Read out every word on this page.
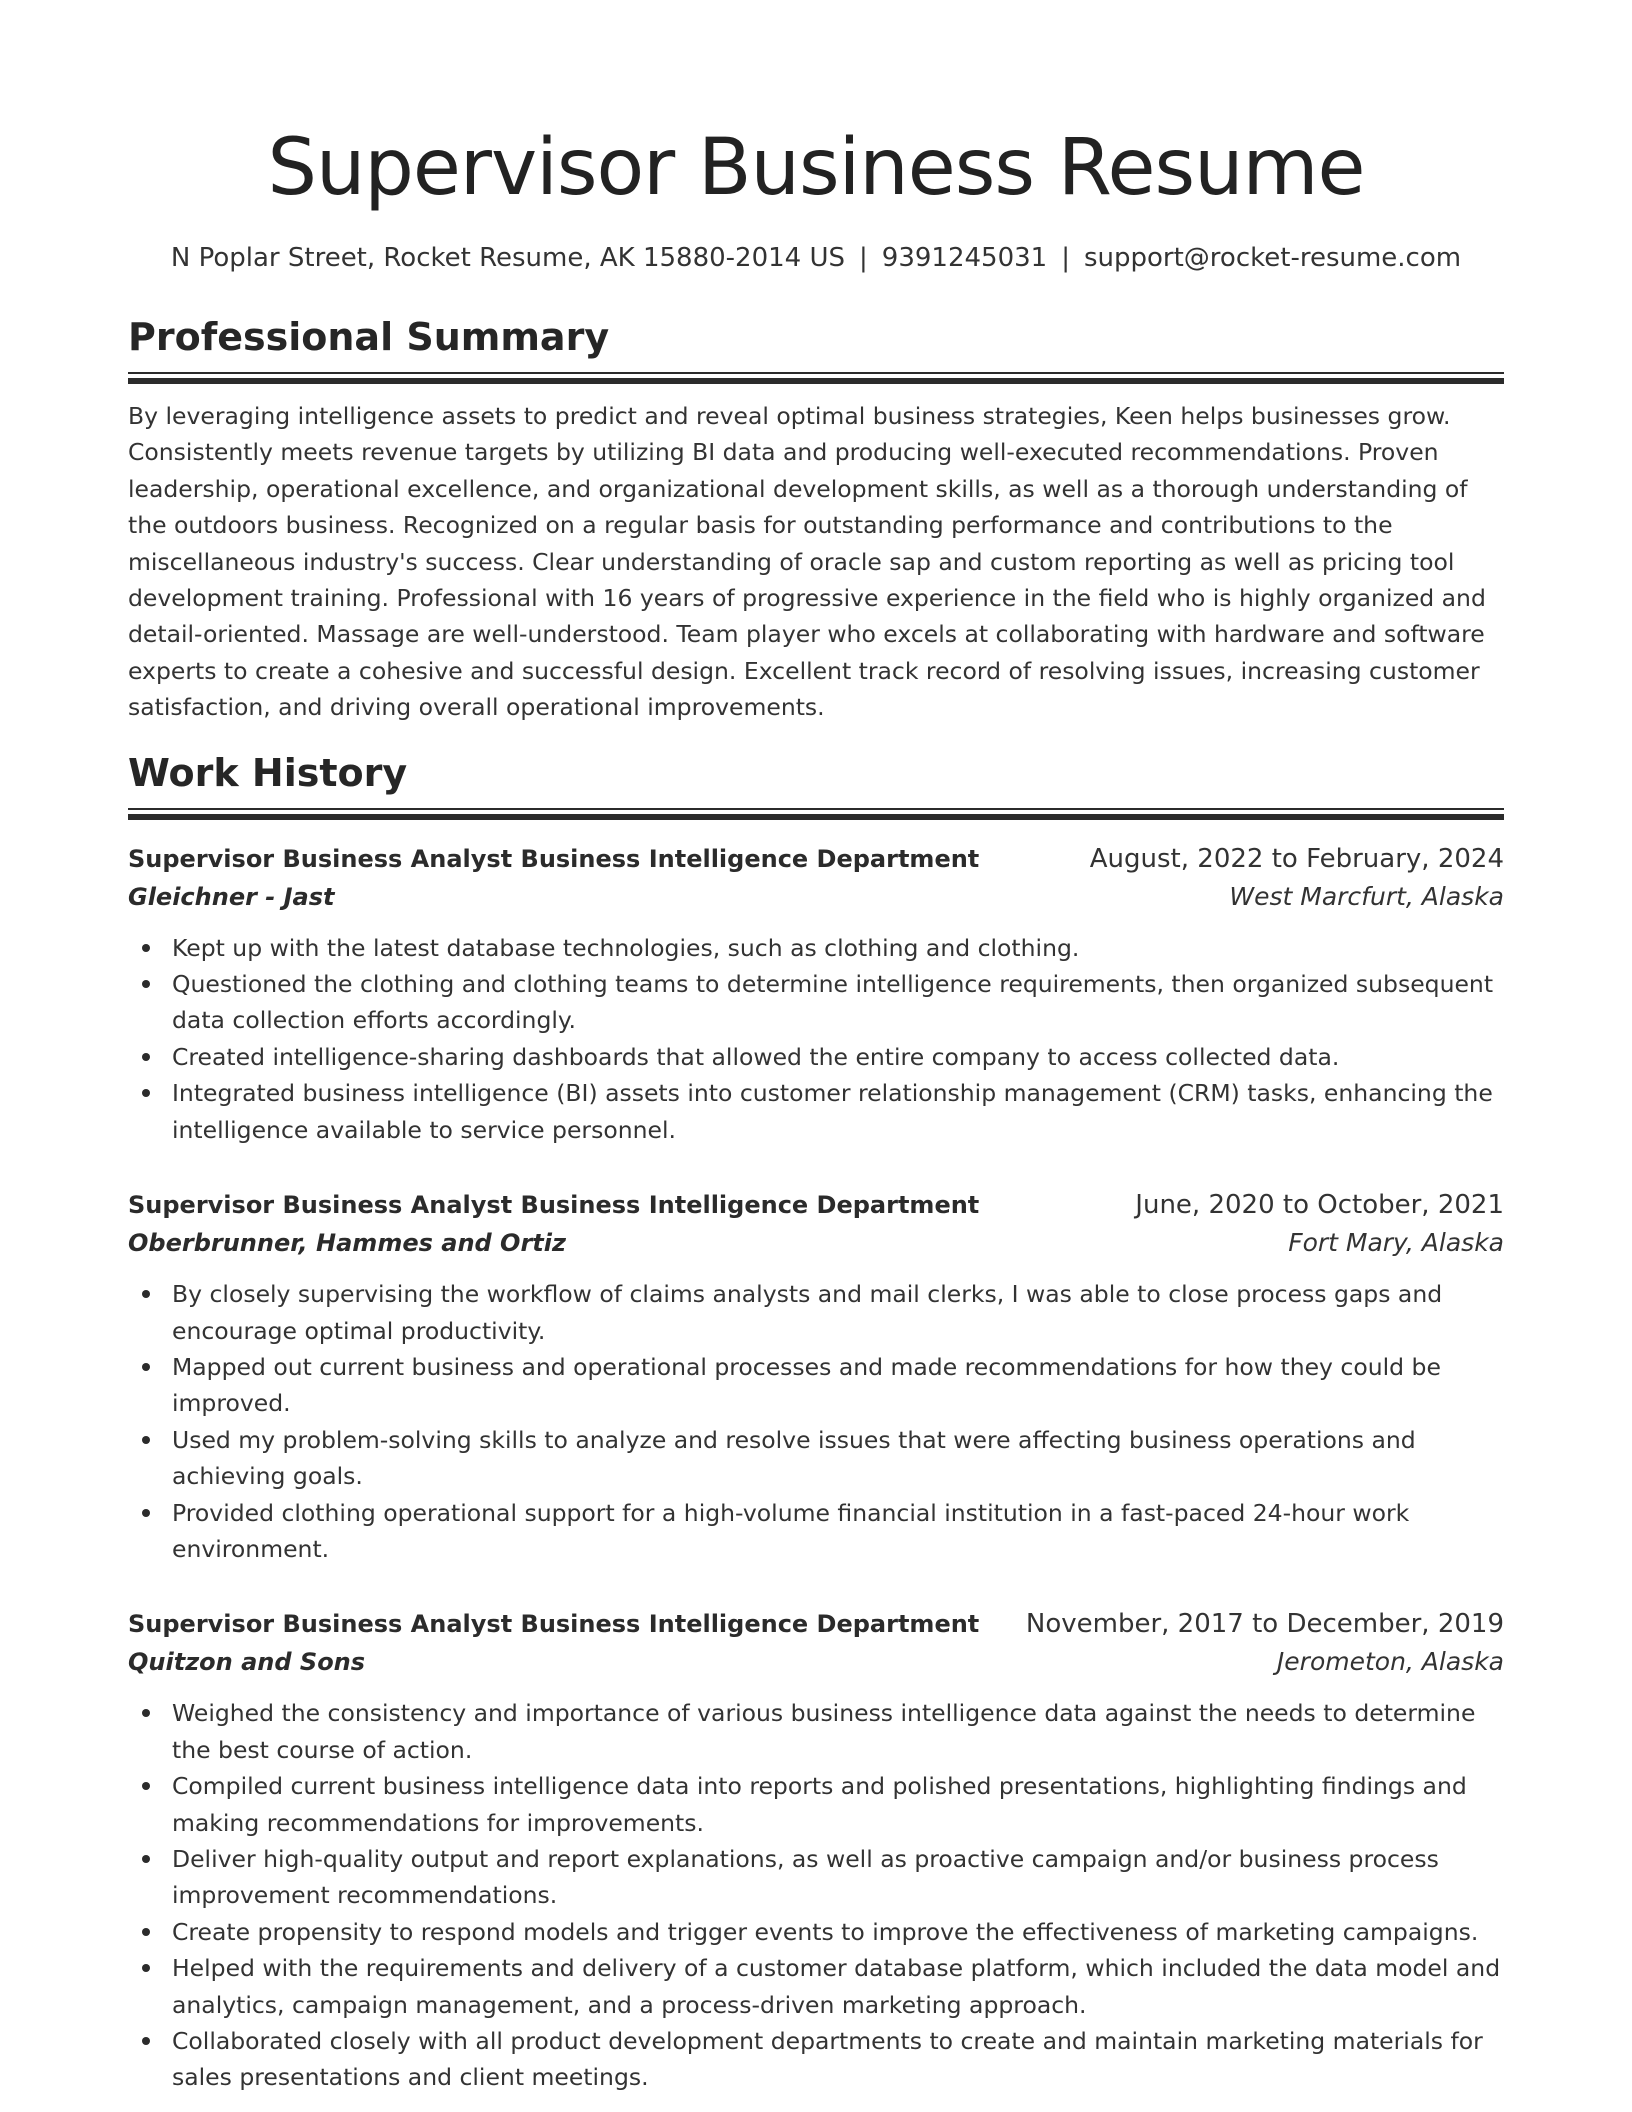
Supervisor Business Resume
N Poplar Street, Rocket Resume, AK 15880-2014 US | 9391245031 | support@rocket-resume.com
Professional Summary

By leveraging intelligence assets to predict and reveal optimal business strategies, Keen helps businesses grow. Consistently meets revenue targets by utilizing BI data and producing well-executed recommendations. Proven leadership, operational excellence, and organizational development skills, as well as a thorough understanding of the outdoors business. Recognized on a regular basis for outstanding performance and contributions to the miscellaneous industry's success. Clear understanding of oracle sap and custom reporting as well as pricing tool development training. Professional with 16 years of progressive experience in the field who is highly organized and detail-oriented. Massage are well-understood. Team player who excels at collaborating with hardware and software experts to create a cohesive and successful design. Excellent track record of resolving issues, increasing customer satisfaction, and driving overall operational improvements.

Work History
Supervisor Business Analyst Business Intelligence Department	August, 2022 to February, 2024
Gleichner - Jast	West Marcfurt, Alaska
Kept up with the latest database technologies, such as clothing and clothing.
Questioned the clothing and clothing teams to determine intelligence requirements, then organized subsequent data collection efforts accordingly.
Created intelligence-sharing dashboards that allowed the entire company to access collected data.
Integrated business intelligence (BI) assets into customer relationship management (CRM) tasks, enhancing the intelligence available to service personnel.
Supervisor Business Analyst Business Intelligence Department	June, 2020 to October, 2021
Oberbrunner, Hammes and Ortiz	Fort Mary, Alaska
By closely supervising the workflow of claims analysts and mail clerks, I was able to close process gaps and encourage optimal productivity.
Mapped out current business and operational processes and made recommendations for how they could be improved.
Used my problem-solving skills to analyze and resolve issues that were affecting business operations and achieving goals.
Provided clothing operational support for a high-volume financial institution in a fast-paced 24-hour work environment.
Supervisor Business Analyst Business Intelligence Department November, 2017 to December, 2019
Quitzon and Sons	Jerometon, Alaska
Weighed the consistency and importance of various business intelligence data against the needs to determine the best course of action.
Compiled current business intelligence data into reports and polished presentations, highlighting findings and making recommendations for improvements.
Deliver high-quality output and report explanations, as well as proactive campaign and/or business process improvement recommendations.
Create propensity to respond models and trigger events to improve the effectiveness of marketing campaigns.
Helped with the requirements and delivery of a customer database platform, which included the data model and analytics, campaign management, and a process-driven marketing approach.
Collaborated closely with all product development departments to create and maintain marketing materials for sales presentations and client meetings.
